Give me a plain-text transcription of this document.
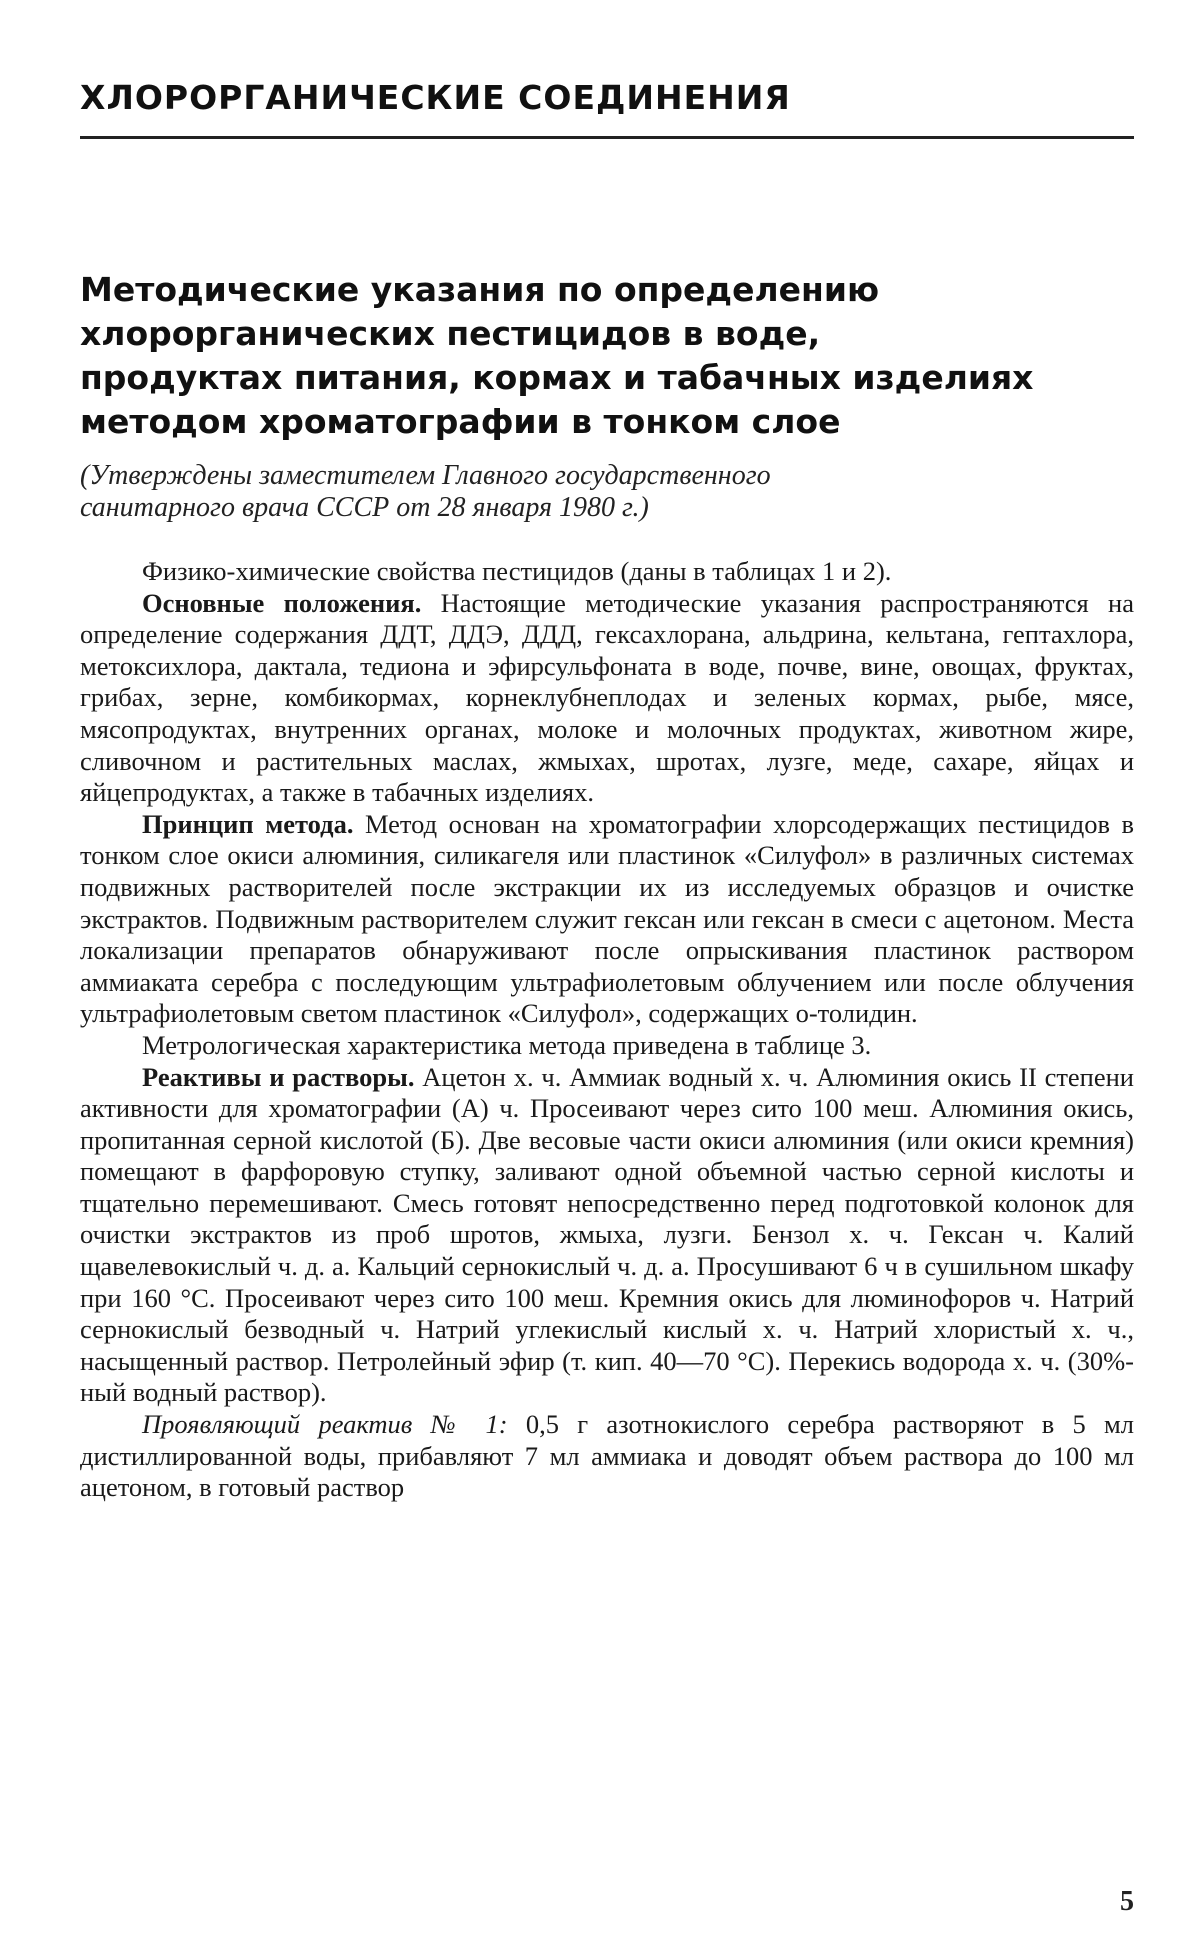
ХЛОРОРГАНИЧЕСКИЕ СОЕДИНЕНИЯ
Методические указания по определению
хлорорганических пестицидов в воде,
продуктах питания, кормах и табачных изделиях
методом хроматографии в тонком слое
(Утверждены заместителем Главного государственного
санитарного врача СССР от 28 января 1980 г.)

Физико-химические свойства пестицидов (даны в таблицах 1 и 2).

Основные положения. Настоящие методические указания распространяются на определение содержания ДДТ, ДДЭ, ДДД, гексахлорана, альдрина, кельтана, гептахлора, метоксихлора, дактала, тедиона и эфирсульфоната в воде, почве, вине, овощах, фруктах, грибах, зерне, комбикормах, корнеклубнеплодах и зеленых кормах, рыбе, мясе, мясопродуктах, внутренних органах, молоке и молочных продуктах, животном жире, сливочном и растительных маслах, жмыхах, шротах, лузге, меде, сахаре, яйцах и яйцепродуктах, а также в табачных изделиях.

Принцип метода. Метод основан на хроматографии хлорсодержащих пестицидов в тонком слое окиси алюминия, силикагеля или пластинок «Силуфол» в различных системах подвижных растворителей после экстракции их из исследуемых образцов и очистке экстрактов. Подвижным растворителем служит гексан или гексан в смеси с ацетоном. Места локализации препаратов обнаруживают после опрыскивания пластинок раствором аммиаката серебра с последующим ультрафиолетовым облучением или после облучения ультрафиолетовым светом пластинок «Силуфол», содержащих о-толидин.

Метрологическая характеристика метода приведена в таблице 3.

Реактивы и растворы. Ацетон х. ч. Аммиак водный х. ч. Алюминия окись II степени активности для хроматографии (А) ч. Просеивают через сито 100 меш. Алюминия окись, пропитанная серной кислотой (Б). Две весовые части окиси алюминия (или окиси кремния) помещают в фарфоровую ступку, заливают одной объемной частью серной кислоты и тщательно перемешивают. Смесь готовят непосредственно перед подготовкой колонок для очистки экстрактов из проб шротов, жмыха, лузги. Бензол х. ч. Гексан ч. Калий щавелевокислый ч. д. а. Кальций сернокислый ч. д. а. Просушивают 6 ч в сушильном шкафу при 160 °С. Просеивают через сито 100 меш. Кремния окись для люминофоров ч. Натрий сернокислый безводный ч. Натрий углекислый кислый х. ч. Натрий хлористый х. ч., насыщенный раствор. Петролейный эфир (т. кип. 40—70 °С). Перекись водорода х. ч. (30%-ный водный раствор).

Проявляющий реактив № 1: 0,5 г азотнокислого серебра растворяют в 5 мл дистиллированной воды, прибавляют 7 мл аммиака и доводят объем раствора до 100 мл ацетоном, в готовый раствор

5
